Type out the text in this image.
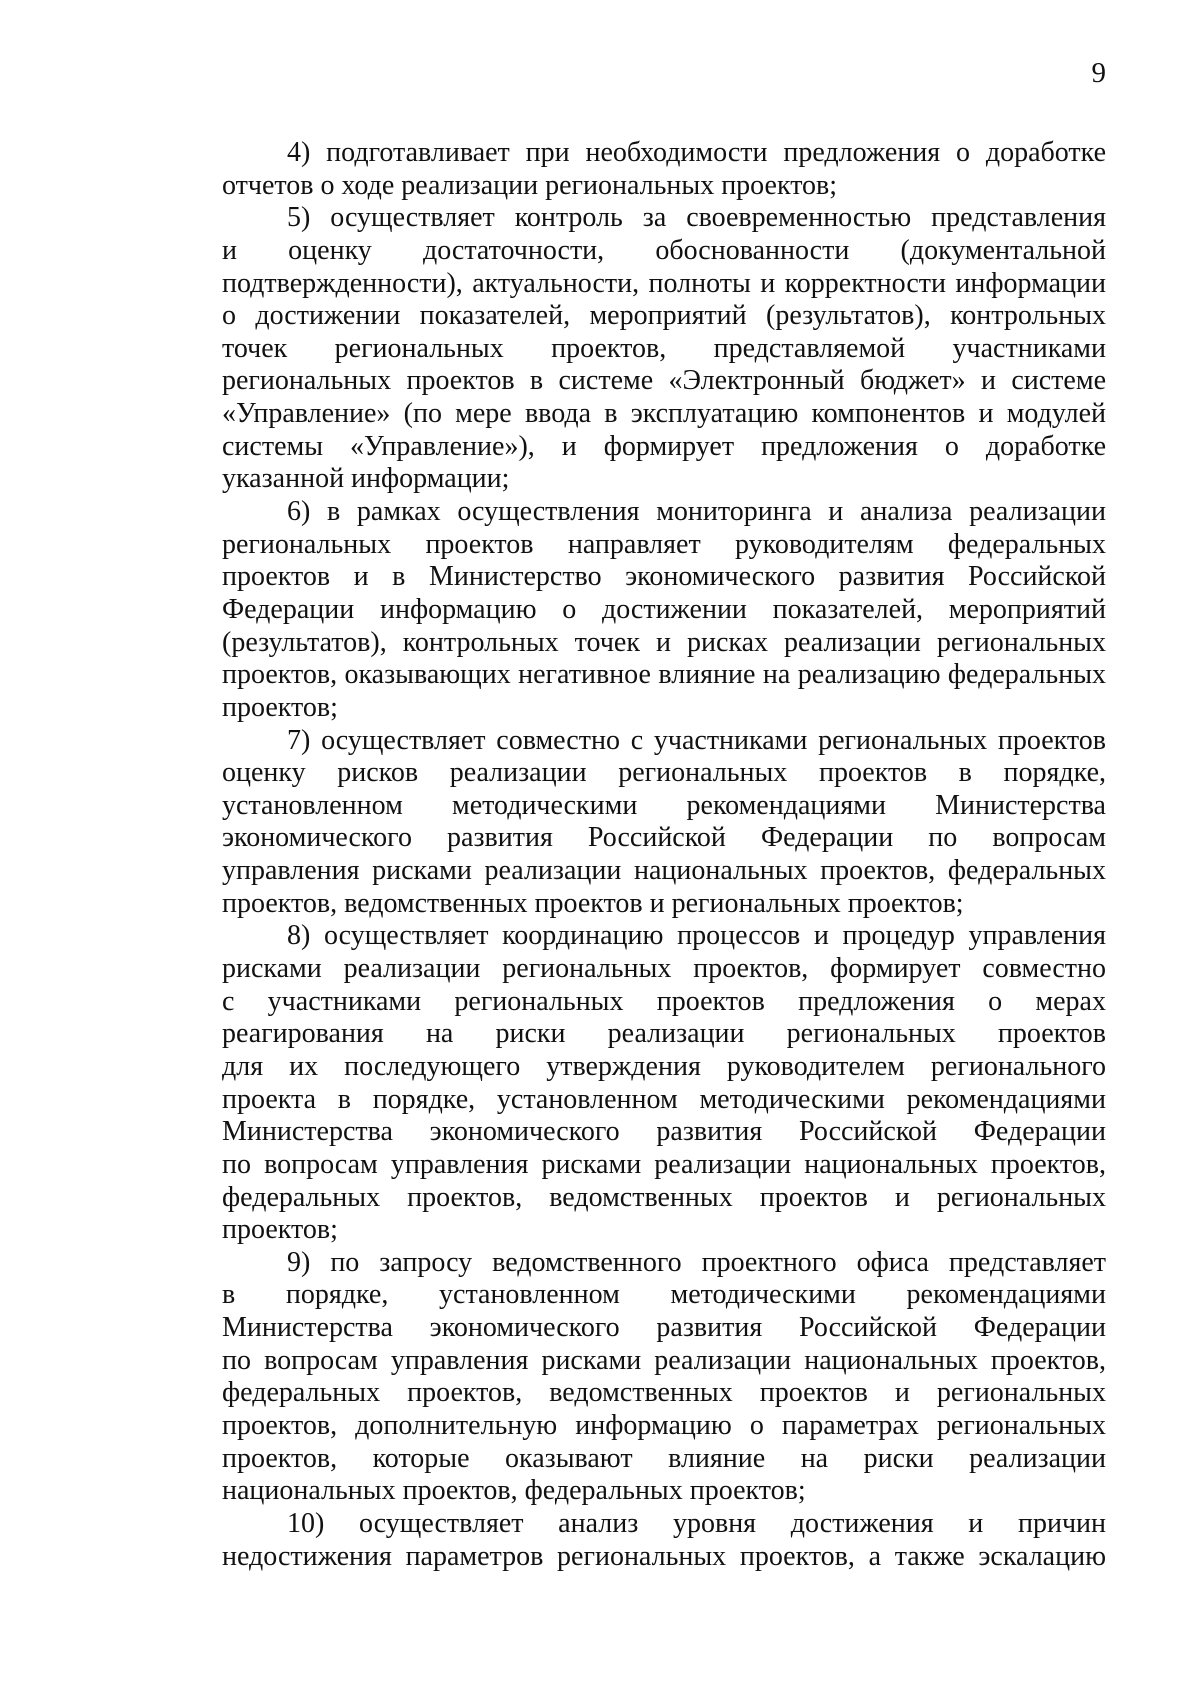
9
4) подготавливает при необходимости предложения о доработке
отчетов о ходе реализации региональных проектов;
5) осуществляет контроль за своевременностью представления
и оценку достаточности, обоснованности (документальной
подтвержденности), актуальности, полноты и корректности информации
о достижении показателей, мероприятий (результатов), контрольных
точек региональных проектов, представляемой участниками
региональных проектов в системе «Электронный бюджет» и системе
«Управление» (по мере ввода в эксплуатацию компонентов и модулей
системы «Управление»), и формирует предложения о доработке
указанной информации;
6) в рамках осуществления мониторинга и анализа реализации
региональных проектов направляет руководителям федеральных
проектов и в Министерство экономического развития Российской
Федерации информацию о достижении показателей, мероприятий
(результатов), контрольных точек и рисках реализации региональных
проектов, оказывающих негативное влияние на реализацию федеральных
проектов;
7) осуществляет совместно с участниками региональных проектов
оценку рисков реализации региональных проектов в порядке,
установленном методическими рекомендациями Министерства
экономического развития Российской Федерации по вопросам
управления рисками реализации национальных проектов, федеральных
проектов, ведомственных проектов и региональных проектов;
8) осуществляет координацию процессов и процедур управления
рисками реализации региональных проектов, формирует совместно
с участниками региональных проектов предложения о мерах
реагирования на риски реализации региональных проектов
для их последующего утверждения руководителем регионального
проекта в порядке, установленном методическими рекомендациями
Министерства экономического развития Российской Федерации
по вопросам управления рисками реализации национальных проектов,
федеральных проектов, ведомственных проектов и региональных
проектов;
9) по запросу ведомственного проектного офиса представляет
в порядке, установленном методическими рекомендациями
Министерства экономического развития Российской Федерации
по вопросам управления рисками реализации национальных проектов,
федеральных проектов, ведомственных проектов и региональных
проектов, дополнительную информацию о параметрах региональных
проектов, которые оказывают влияние на риски реализации
национальных проектов, федеральных проектов;
10) осуществляет анализ уровня достижения и причин
недостижения параметров региональных проектов, а также эскалацию
